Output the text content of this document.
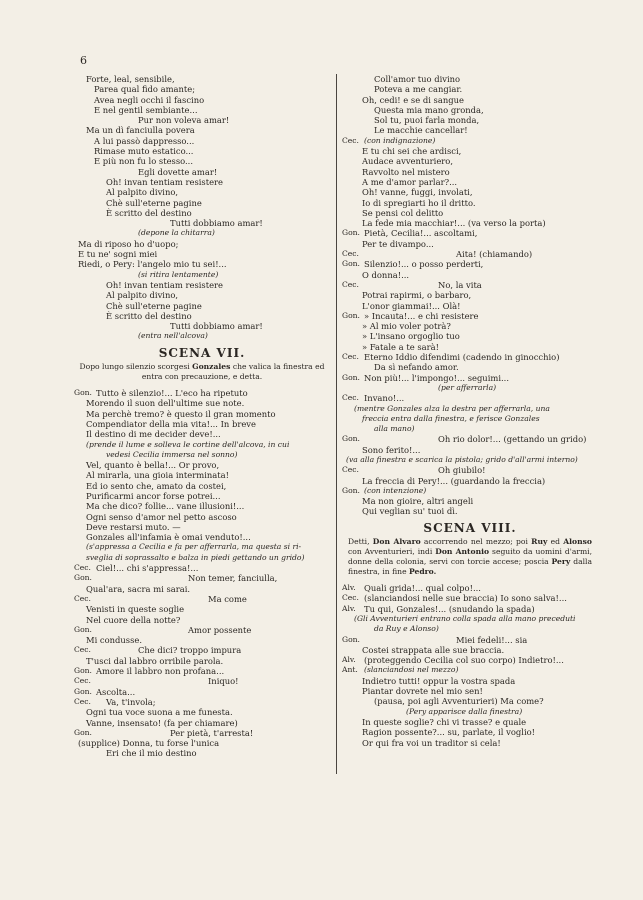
6
Forte, leal, sensibile,
Parea qual fido amante;
Avea negli occhi il fascino
E nel gentil sembiante...
Pur non voleva amar!
Ma un dì fanciulla povera
A lui passò dappresso...
Rimase muto estatico...
E più non fu lo stesso...
Egli dovette amar!
Oh! invan tentiam resistere
Al palpito divino,
Chè sull'eterne pagine
È scritto del destino
Tutti dobbiamo amar!
(depone la chitarra)
Ma di riposo ho d'uopo;
E tu ne' sogni miei
Riedi, o Pery: l'angelo mio tu sei!...
(si ritira lentamente)
Oh! invan tentiam resistere
Al palpito divino,
Chè sull'eterne pagine
È scritto del destino
Tutti dobbiamo amar!
(entra nell'alcova)
SCENA VII.
Dopo lungo silenzio scorgesi Gonzales che valica la finestra ed entra con precauzione, e detta.
Gon. Tutto è silenzio!... L'eco ha ripetuto
Morendo il suon dell'ultime sue note.
Ma perchè tremo? è questo il gran momento
Compendiator della mia vita!... In breve
Il destino di me decider deve!...
(prende il lume e solleva le cortine dell'alcova, in cui
vedesi Cecilia immersa nel sonno)
Vel, quanto è bella!... Or provo,
Al mirarla, una gioia interminata!
Ed io sento che, amato da costei,
Purificarmi ancor forse potrei...
Ma che dico? follie... vane illusioni!...
Ogni senso d'amor nel petto ascoso
Deve restarsi muto. —
Gonzales all'infamia è omai venduto!...
(s'appressa a Cecilia e fa per afferrarla, ma questa si ri-
sveglia di soprassalto e balza in piedi gettando un grido)
Cec. Ciel!... chi s'appressa!...
Gon.	Non temer, fanciulla,
Qual'ara, sacra mi sarai.
Cec.	Ma come
Venisti in queste soglie
Nel cuore della notte?
Gon.	Amor possente
Mi condusse.
Cec.	Che dici? troppo impura
T'usci dal labbro orribile parola.
Gon. Amore il labbro non profana...
Cec.	Iniquo!
Gon. Ascolta...
Cec. Va, t'invola;
Ogni tua voce suona a me funesta.
Vanne, insensato! (fa per chiamare)
Gon.	Per pietà, t'arresta!
(supplice) Donna, tu forse l'unica
Eri che il mio destino
Coll'amor tuo divino
Poteva a me cangiar.
Oh, cedi! e se di sangue
Questa mia mano gronda,
Sol tu, puoi farla monda,
Le macchie cancellar!
Cec. (con indignazione)
E tu chi sei che ardisci,
Audace avventuriero,
Ravvolto nel mistero
A me d'amor parlar?...
Oh! vanne, fuggi, involati,
Io di spregiarti ho il dritto.
Se pensi col delitto
La fede mia macchiar!... (va verso la porta)
Gon. Pietà, Cecilia!... ascoltami,
Per te divampo...
Cec.	Aita! (chiamando)
Gon. Silenzio!... o posso perderti,
O donna!...
Cec.	No, la vita
Potrai rapirmi, o barbaro,
L'onor giammai!... Olà!
Gon. » Incauta!... e chi resistere
» Al mio voler potrà?
» L'insano orgoglio tuo
» Fatale a te sarà!
Cec. Eterno Iddio difendimi (cadendo in ginocchio)
Da sì nefando amor.
Gon. Non più!... l'impongo!... seguimi...
(per afferrarla)
Cec. Invano!...
(mentre Gonzales alza la destra per afferrarla, una
freccia entra dalla finestra, e ferisce Gonzales
alla mano)
Gon.	Oh rio dolor!... (gettando un grido)
Sono ferito!...
(va alla finestra e scarica la pistola; grido d'all'armi interno)
Cec.	Oh giubilo!
La freccia di Pery!... (guardando la freccia)
Gon. (con intenzione)
Ma non gioire, altri angeli
Qui veglian su' tuoi dì.
SCENA VIII.
Detti, Don Alvaro accorrendo nel mezzo; poi Ruy ed Alonso con Avventurieri, indi Don Antonio seguito da uomini d'armi, donne della colonia, servi con torcie accese; poscia Pery dalla finestra, in fine Pedro.
Alv. Quali grida!... qual colpo!...
Cec. (slanciandosi nelle sue braccia) Io sono salva!...
Alv. Tu qui, Gonzales!... (snudando la spada)
(Gli Avventurieri entrano colla spada alla mano preceduti
da Ruy e Alonso)
Gon.	Miei fedeli!... sia
Costei strappata alle sue braccia.
Alv. (proteggendo Cecilia col suo corpo) Indietro!...
Ant. (slanciandosi nel mezzo)
Indietro tutti! oppur la vostra spada
Piantar dovrete nel mio sen!
(pausa, poi agli Avventurieri) Ma come?
(Pery apparisce dalla finestra)
In queste soglie? chi vi trasse? e quale
Ragion possente?... su, parlate, il voglio!
Or qui fra voi un traditor si cela!
